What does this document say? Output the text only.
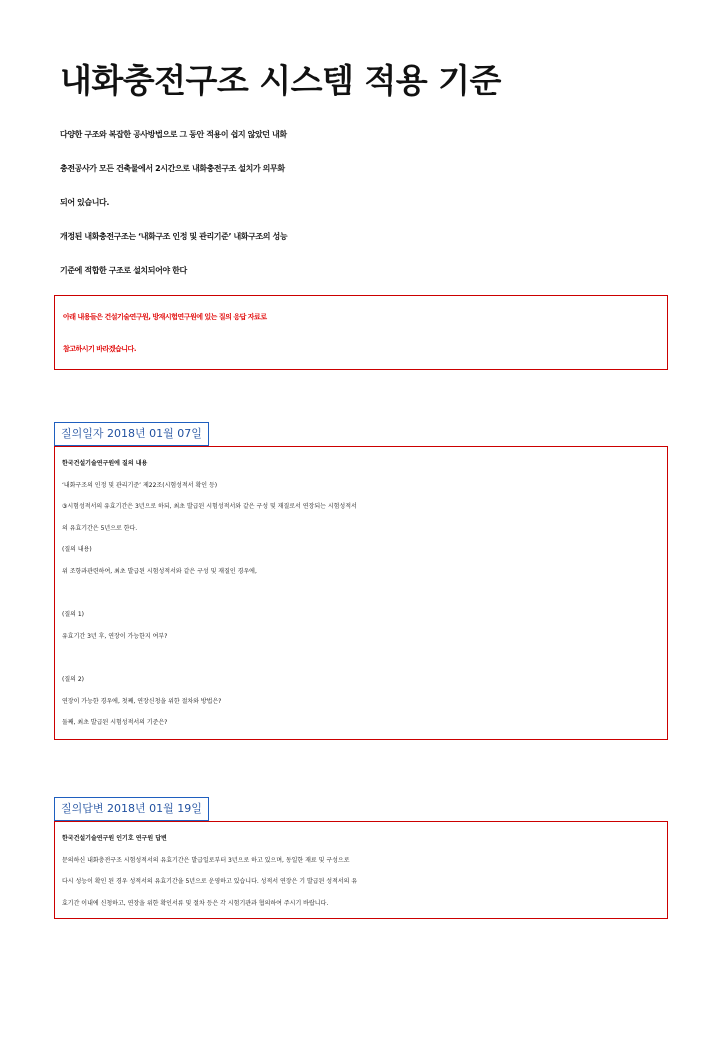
내화충전구조 시스템 적용 기준
다양한 구조와 복잡한 공사방법으로 그 동안 적용이 쉽지 않았던 내화
충전공사가 모든 건축물에서 2시간으로 내화충전구조 설치가 의무화
되어 있습니다.
개정된 내화충전구조는 ‘내화구조 인정 및 관리기준’ 내화구조의 성능
기준에 적합한 구조로 설치되어야 한다
아래 내용들은 건설기술연구원, 방재시험연구원에 있는 질의 응답 자료로
참고하시기 바라겠습니다.
질의일자 2018년 01월 07일
한국건설기술연구원에 질의 내용
‘내화구조의 인정 및 관리기준’ 제22조(시험성적서 확인 등)
③시험성적서의 유효기간은 3년으로 하되, 최초 발급된 시험성적서와 같은 구성 및 재질로서 연장되는 시험성적서
의 유효기간은 5년으로 한다.
(질의 내용)
위 조항과관련하여, 최초 발급된 시험성적서와 같은 구성 및 재질인 경우에,
(질의 1)
유효기간 3년 후, 연장이 가능한지 여부?
(질의 2)
연장이 가능한 경우에, 첫째, 연장신청을 위한 절차와 방법은?
둘째, 최초 발급된 시험성적서의 기준은?
질의답변 2018년 01월 19일
한국건설기술연구원 인기호 연구원 답변
문의하신 내화충전구조 시험성적서의 유효기간은 발급일로부터 3년으로 하고 있으며, 동일한 재료 및 구성으로
다시 성능이 확인 된 경우 성적서의 유효기간을 5년으로 운영하고 있습니다. 성적서 연장은 기 발급된 성적서의 유
효기간 이내에 신청하고, 연장을 위한 확인서류 및 절차 등은 각 시험기관과 협의하여 주시기 바랍니다.
